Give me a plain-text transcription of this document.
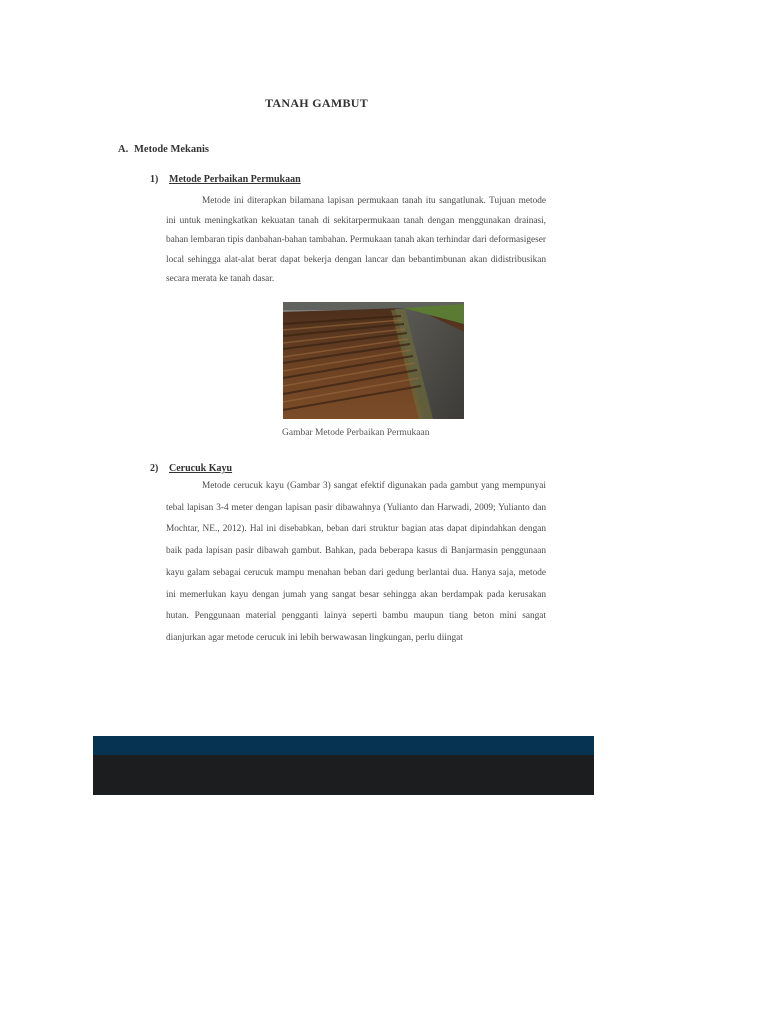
TANAH GAMBUT
A. Metode Mekanis
1) Metode Perbaikan Permukaan

Metode ini diterapkan bilamana lapisan permukaan tanah itu sangatlunak. Tujuan metode ini untuk meningkatkan kekuatan tanah di sekitarpermukaan tanah dengan menggunakan drainasi, bahan lembaran tipis danbahan-bahan tambahan. Permukaan tanah akan terhindar dari deformasigeser local sehingga alat-alat berat dapat bekerja dengan lancar dan bebantimbunan akan didistribusikan secara merata ke tanah dasar.

Gambar Metode Perbaikan Permukaan
2) Cerucuk Kayu

Metode cerucuk kayu (Gambar 3) sangat efektif digunakan pada gambut yang mempunyai tebal lapisan 3-4 meter dengan lapisan pasir dibawahnya (Yulianto dan Harwadi, 2009; Yulianto dan Mochtar, NE., 2012). Hal ini disebabkan, beban dari struktur bagian atas dapat dipindahkan dengan baik pada lapisan pasir dibawah gambut. Bahkan, pada beberapa kasus di Banjarmasin penggunaan kayu galam sebagai cerucuk mampu menahan beban dari gedung berlantai dua. Hanya saja, metode ini memerlukan kayu dengan jumah yang sangat besar sehingga akan berdampak pada kerusakan hutan. Penggunaan material pengganti lainya seperti bambu maupun tiang beton mini sangat dianjurkan agar metode cerucuk ini lebih berwawasan lingkungan, perlu diingat
